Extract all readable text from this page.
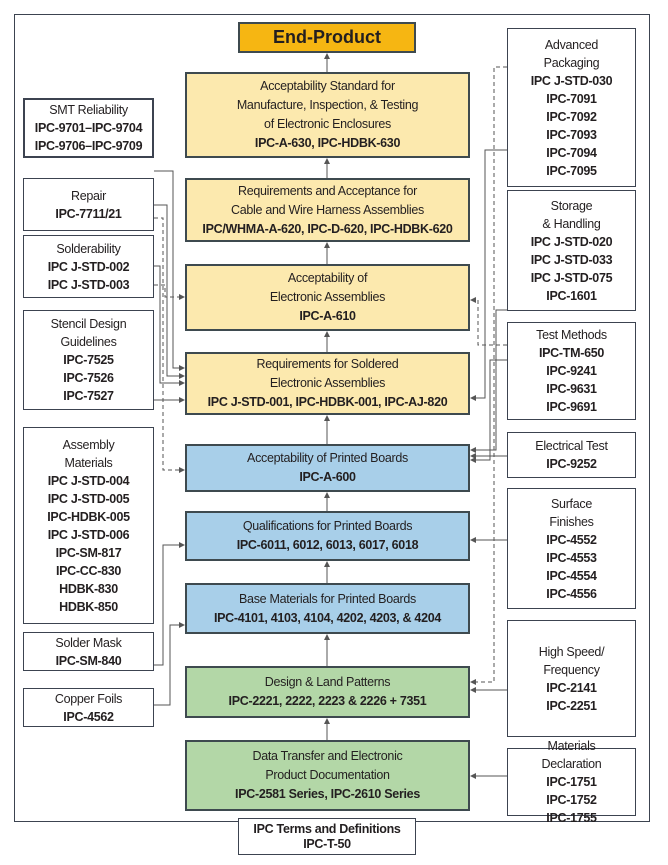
End-Product
Acceptability Standard for
Manufacture, Inspection, & Testing
of Electronic Enclosures
IPC-A-630, IPC-HDBK-630
Requirements and Acceptance for
Cable and Wire Harness Assemblies
IPC/WHMA-A-620, IPC-D-620, IPC-HDBK-620
Acceptability of
Electronic Assemblies
IPC-A-610
Requirements for Soldered
Electronic Assemblies
IPC J-STD-001, IPC-HDBK-001, IPC-AJ-820
Acceptability of Printed Boards
IPC-A-600
Qualifications for Printed Boards
IPC-6011, 6012, 6013, 6017, 6018
Base Materials for Printed Boards
IPC-4101, 4103, 4104, 4202, 4203, & 4204
Design & Land Patterns
IPC-2221, 2222, 2223 & 2226 + 7351
Data Transfer and Electronic
Product Documentation
IPC-2581 Series, IPC-2610 Series
SMT Reliability
IPC-9701–IPC-9704
IPC-9706–IPC-9709
Repair
IPC-7711/21
Solderability
IPC J-STD-002
IPC J-STD-003
Stencil Design
Guidelines
IPC-7525
IPC-7526
IPC-7527
Assembly
Materials
IPC J-STD-004
IPC J-STD-005
IPC-HDBK-005
IPC J-STD-006
IPC-SM-817
IPC-CC-830
HDBK-830
HDBK-850
Solder Mask
IPC-SM-840
Copper Foils
IPC-4562
Advanced
Packaging
IPC J-STD-030
IPC-7091
IPC-7092
IPC-7093
IPC-7094
IPC-7095
Storage
& Handling
IPC J-STD-020
IPC J-STD-033
IPC J-STD-075
IPC-1601
Test Methods
IPC-TM-650
IPC-9241
IPC-9631
IPC-9691
Electrical Test
IPC-9252
Surface
Finishes
IPC-4552
IPC-4553
IPC-4554
IPC-4556
High Speed/
Frequency
IPC-2141
IPC-2251
Materials
Declaration
IPC-1751
IPC-1752
IPC-1755
IPC Terms and Definitions
IPC-T-50
